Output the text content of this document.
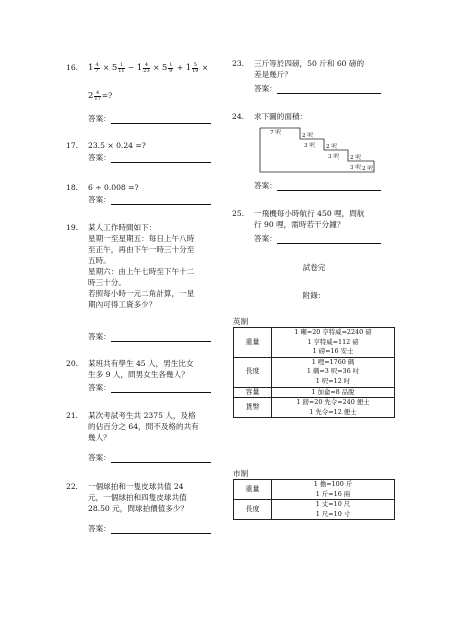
16. $1 \frac{4}{7} \times 5 \frac{1}{11} - 1 \frac{4}{23} \times 5 \frac{1}{9} + 1 \frac{5}{19}$ ×
$2 \frac{4}{17}$ =?
答案：
17. 23.5 × 0.24 =?
答案：
18. 6 ÷ 0.008 =?
答案：
19. 某人工作時間如下：
星期一至星期五：每日上午八時
至正午，再由下午一時三十分至
五時。
星期六：由上午七時至下午十二
時三十分。
若照每小時一元二角計算，一星
期內可得工資多少？
答案：
20. 某班共有學生 45 人，男生比女
生多 9 人，問男女生各幾人？
答案：
21. 某次考試考生共 2375 人，及格
的佔百分之 64，問不及格的共有
幾人？
答案：
22. 一個球拍和一隻皮球共值 24
元，一個球拍和四隻皮球共值
28.50 元，問球拍價值多少？
答案：
23. 三斤等於四磅，50 斤和 60 磅的
差是幾斤？
答案：
24. 求下圖的面積：
7 呎	2 呎
3 呎 2 呎
3 呎 2 呎
3 呎 2 呎
答案：
25. 一飛機每小時航行 450 哩，問航
行 90 哩，需時若干分鐘？
答案：
試卷完
附錄：
英制
重量	1 噸=20 亨特威=2240 磅
1 亨特威=112 磅
1 磅=16 安士

長度	1 哩=1760 碼
1 碼=3 呎=36 吋
1 呎=12 吋

容量	1 加侖=8 品脫

貨幣	1 鎊=20 先令=240 便士
1 先令=12 便士
市制
重量	1 擔=100 斤
1 斤=16 兩

長度	1 丈=10 尺
1 尺=10 寸
